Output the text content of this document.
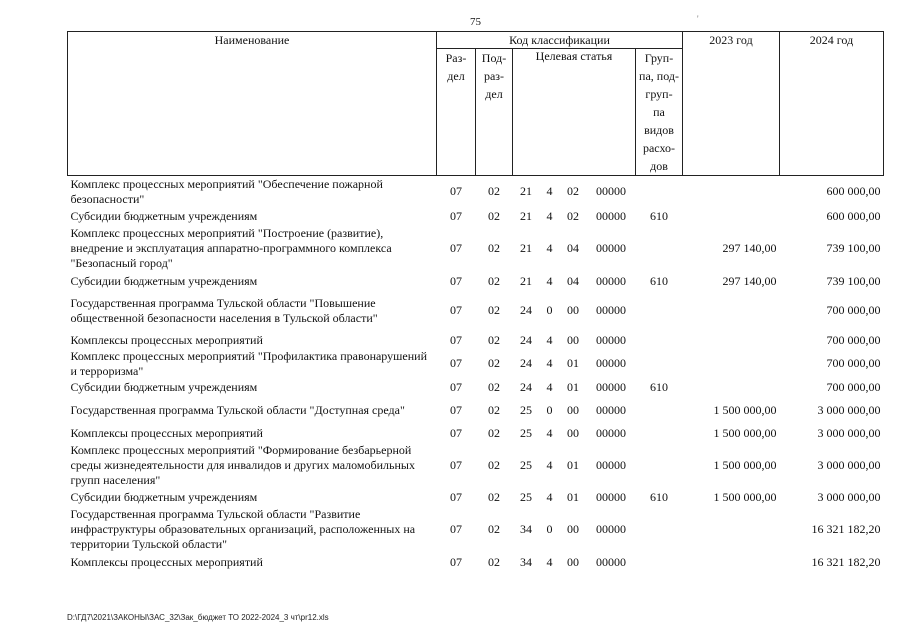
75	'
Наименование	Код классификации							2023 год	2024 год
	Раз- дел	Под- раз- дел	Целевая статья				Груп- па, под- груп- па видов расхо- дов		
Комплекс процессных мероприятий "Обеспечение пожарной безопасности"	07	02	21	4	02	00000			600 000,00
Субсидии бюджетным учреждениям	07	02	21	4	02	00000	610		600 000,00
Комплекс процессных мероприятий "Построение (развитие), внедрение и эксплуатация аппаратно-программного комплекса "Безопасный город"	07	02	21	4	04	00000		297 140,00	739 100,00
Субсидии бюджетным учреждениям	07	02	21	4	04	00000	610	297 140,00	739 100,00
Государственная программа Тульской области "Повышение общественной безопасности населения в Тульской области"	07	02	24	0	00	00000			700 000,00
Комплексы процессных мероприятий	07	02	24	4	00	00000			700 000,00
Комплекс процессных мероприятий "Профилактика правонарушений и терроризма"	07	02	24	4	01	00000			700 000,00
Субсидии бюджетным учреждениям	07	02	24	4	01	00000	610		700 000,00
Государственная программа Тульской области "Доступная среда"	07	02	25	0	00	00000		1 500 000,00	3 000 000,00
Комплексы процессных мероприятий	07	02	25	4	00	00000		1 500 000,00	3 000 000,00
Комплекс процессных мероприятий "Формирование безбарьерной среды жизнедеятельности для инвалидов и других маломобильных групп населения"	07	02	25	4	01	00000		1 500 000,00	3 000 000,00
Субсидии бюджетным учреждениям	07	02	25	4	01	00000	610	1 500 000,00	3 000 000,00
Государственная программа Тульской области "Развитие инфраструктуры образовательных организаций, расположенных на территории Тульской области"	07	02	34	0	00	00000			16 321 182,20
Комплексы процессных мероприятий	07	02	34	4	00	00000			16 321 182,20
D:\ГД7\2021\ЗАКОНЫ\ЗАС_32\Зак_бюджет ТО 2022-2024_3 чт\pr12.xls
